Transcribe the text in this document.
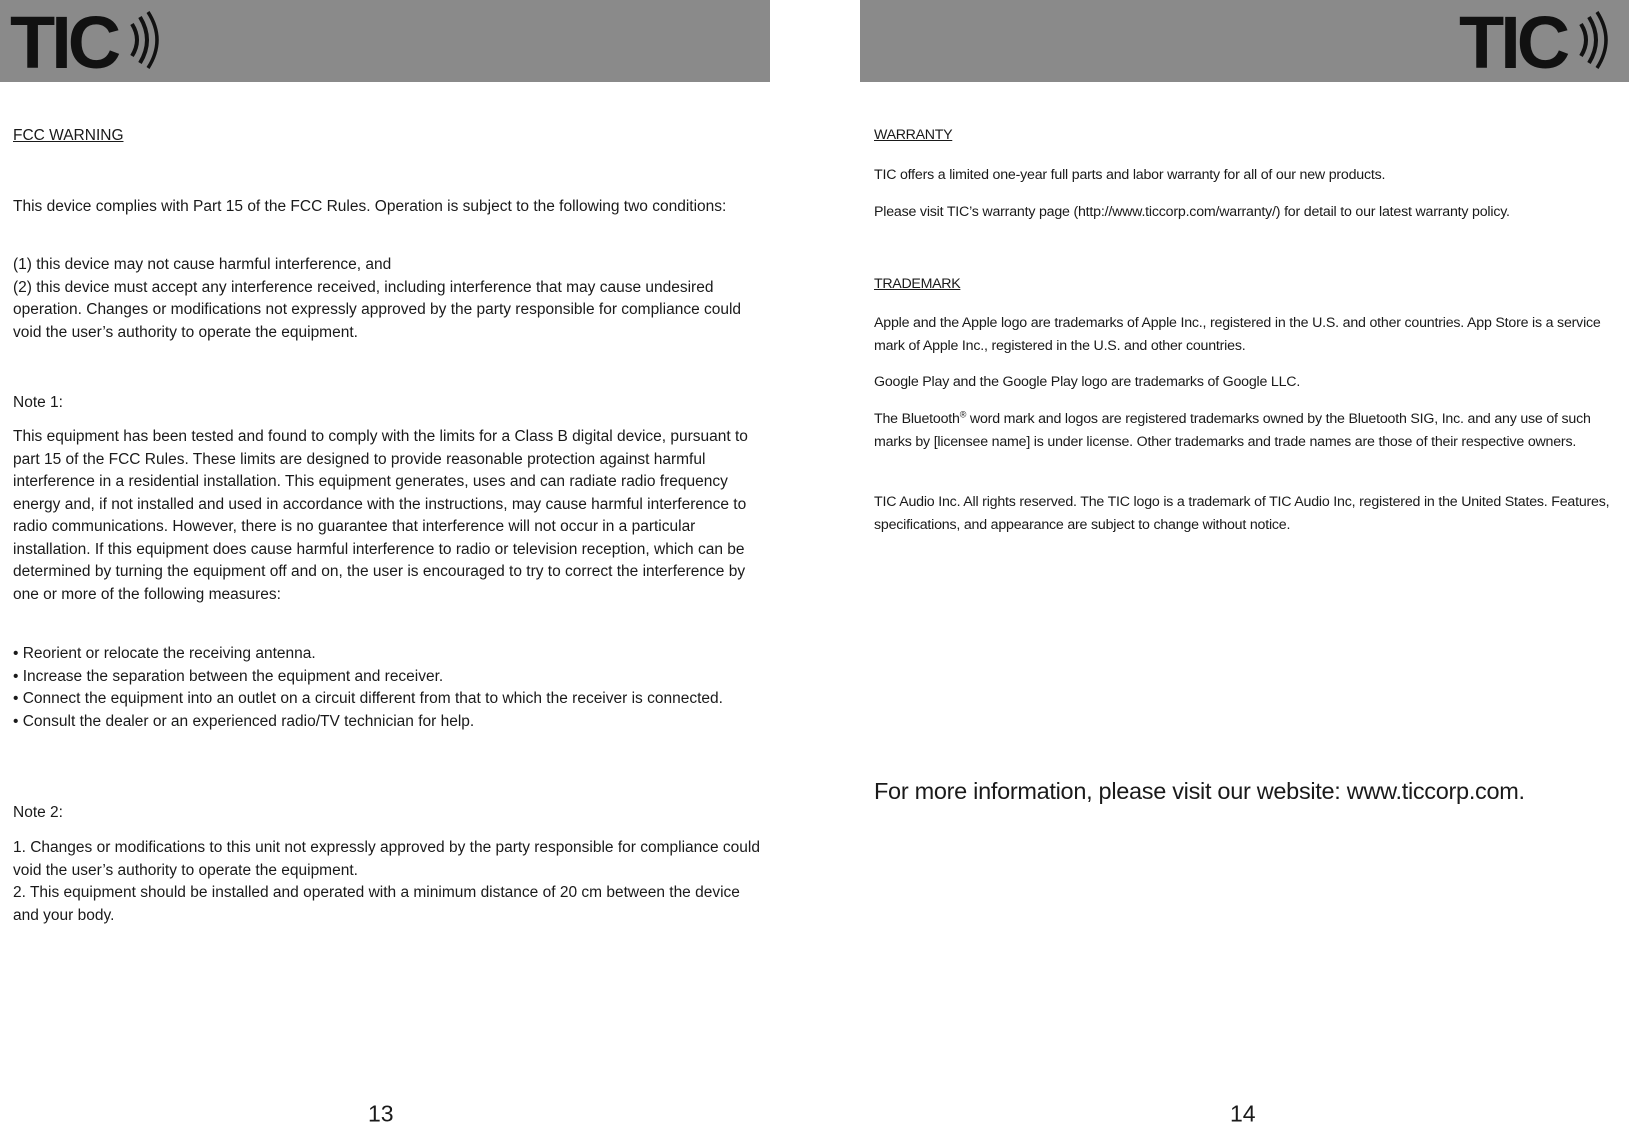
TIC

FCC WARNING

This device complies with Part 15 of the FCC Rules. Operation is subject to the following two conditions:

(1) this device may not cause harmful interference, and
(2) this device must accept any interference received, including interference that may cause undesired operation. Changes or modifications not expressly approved by the party responsible for compliance could void the user’s authority to operate the equipment.

Note 1:

This equipment has been tested and found to comply with the limits for a Class B digital device, pursuant to part 15 of the FCC Rules. These limits are designed to provide reasonable protection against harmful interference in a residential installation. This equipment generates, uses and can radiate radio frequency energy and, if not installed and used in accordance with the instructions, may cause harmful interference to radio communications. However, there is no guarantee that interference will not occur in a particular installation. If this equipment does cause harmful interference to radio or television reception, which can be determined by turning the equipment off and on, the user is encouraged to try to correct the interference by one or more of the following measures:

• Reorient or relocate the receiving antenna.
• Increase the separation between the equipment and receiver.
• Connect the equipment into an outlet on a circuit different from that to which the receiver is connected.
• Consult the dealer or an experienced radio/TV technician for help.

Note 2:

1. Changes or modifications to this unit not expressly approved by the party responsible for compliance could void the user’s authority to operate the equipment.
2. This equipment should be installed and operated with a minimum distance of 20 cm between the device and your body.

13
TIC

WARRANTY

TIC offers a limited one-year full parts and labor warranty for all of our new products.

Please visit TIC’s warranty page (http://www.ticcorp.com/warranty/) for detail to our latest warranty policy.

TRADEMARK

Apple and the Apple logo are trademarks of Apple Inc., registered in the U.S. and other countries. App Store is a service mark of Apple Inc., registered in the U.S. and other countries.

Google Play and the Google Play logo are trademarks of Google LLC.

The Bluetooth® word mark and logos are registered trademarks owned by the Bluetooth SIG, Inc. and any use of such marks by [licensee name] is under license. Other trademarks and trade names are those of their respective owners.

TIC Audio Inc. All rights reserved. The TIC logo is a trademark of TIC Audio Inc, registered in the United States. Features, specifications, and appearance are subject to change without notice.

For more information, please visit our website: www.ticcorp.com.
14
